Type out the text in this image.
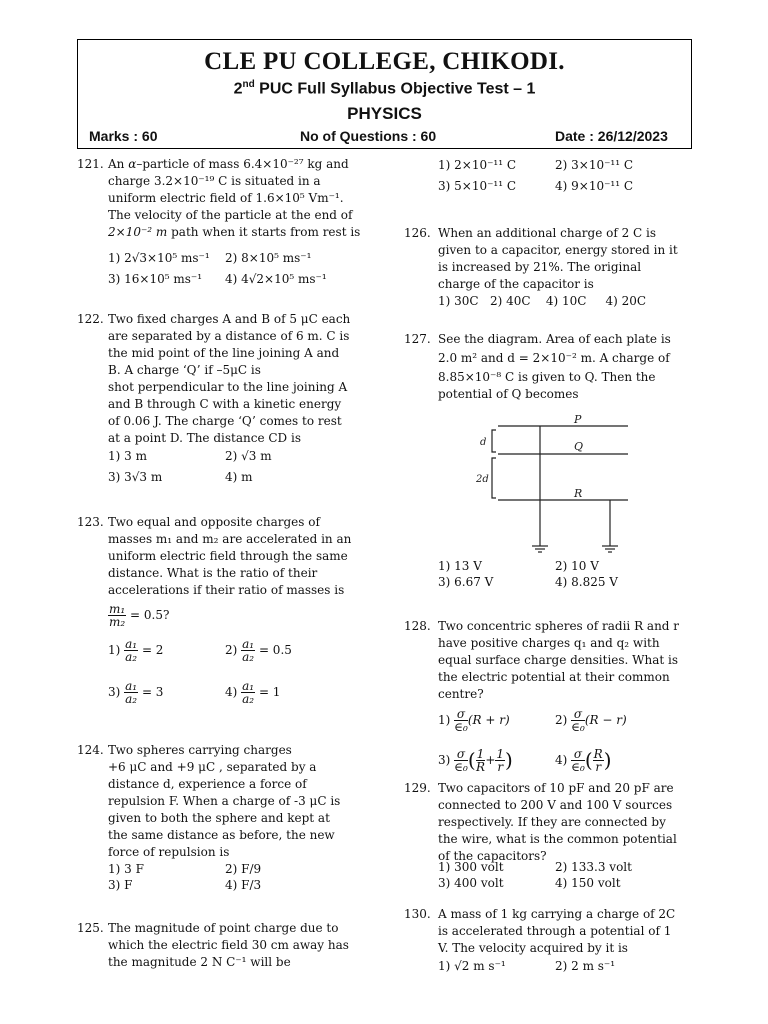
CLE PU COLLEGE, CHIKODI.
2nd PUC Full Syllabus Objective Test – 1
PHYSICS
Marks : 60	No of Questions : 60	Date : 26/12/2023
121. An α–particle of mass 6.4×10⁻²⁷ kg and
charge 3.2×10⁻¹⁹ C is situated in a
uniform electric field of 1.6×10⁵ Vm⁻¹.
The velocity of the particle at the end of
2×10⁻² m path when it starts from rest is
1) 2√3×10⁵ ms⁻¹ 2) 8×10⁵ ms⁻¹
3) 16×10⁵ ms⁻¹ 4) 4√2×10⁵ ms⁻¹
122. Two fixed charges A and B of 5 μC each
are separated by a distance of 6 m. C is
the mid point of the line joining A and
B. A charge ‘Q’ if –5μC is
shot perpendicular to the line joining A
and B through C with a kinetic energy
of 0.06 J. The charge ‘Q’ comes to rest
at a point D. The distance CD is
1) 3 m	2) √3 m
3) 3√3 m	4) m
123. Two equal and opposite charges of
masses m₁ and m₂ are accelerated in an
uniform electric field through the same
distance. What is the ratio of their
accelerations if their ratio of masses is
$\frac{\text{m₁}}{\text{m₂}} = 0.5$?
$1) \frac{\text{a₁}}{\text{a₂}} = 2$	$2) \frac{\text{a₁}}{\text{a₂}} = 0.5$
$3) \frac{\text{a₁}}{\text{a₂}} = 3$	$4) \frac{\text{a₁}}{\text{a₂}} = 1$
124. Two spheres carrying charges
+6 μC and +9 μC , separated by a
distance d, experience a force of
repulsion F. When a charge of -3 μC is
given to both the sphere and kept at
the same distance as before, the new
force of repulsion is
1) 3 F	2) F/9
3) F	4) F/3
125. The magnitude of point charge due to
which the electric field 30 cm away has
the magnitude 2 N C⁻¹ will be
1) 2×10⁻¹¹ C	2) 3×10⁻¹¹ C
3) 5×10⁻¹¹ C	4) 9×10⁻¹¹ C
126. When an additional charge of 2 C is
given to a capacitor, energy stored in it
is increased by 21%. The original
charge of the capacitor is
1) 30C   2) 40C    4) 10C     4) 20C
127. See the diagram. Area of each plate is
2.0 m² and d = 2×10⁻² m. A charge of
8.85×10⁻⁸ C is given to Q. Then the
potential of Q becomes
1) 13 V	2) 10 V
3) 6.67 V	4) 8.825 V
P
Q
R
d
2d
128. Two concentric spheres of radii R and r
have positive charges q₁ and q₂ with
equal surface charge densities. What is
the electric potential at their common
centre?
$1) \frac{\sigma}{\text{∈₀}} (R + r)$	$2) \frac{\sigma}{\text{∈₀}} (R - r)$
$3) \frac{\sigma}{\text{∈₀}}$ ( $\frac{1}{R} + \frac{1}{r}$ )	$4) \frac{\sigma}{\text{∈₀}}$ ( $\frac{R}{r}$ )
129. Two capacitors of 10 pF and 20 pF are
connected to 200 V and 100 V sources
respectively. If they are connected by
the wire, what is the common potential
of the capacitors?
1) 300 volt	2) 133.3 volt
3) 400 volt	4) 150 volt
130. A mass of 1 kg carrying a charge of 2C
is accelerated through a potential of 1
V. The velocity acquired by it is
1) √2 m s⁻¹	2) 2 m s⁻¹
